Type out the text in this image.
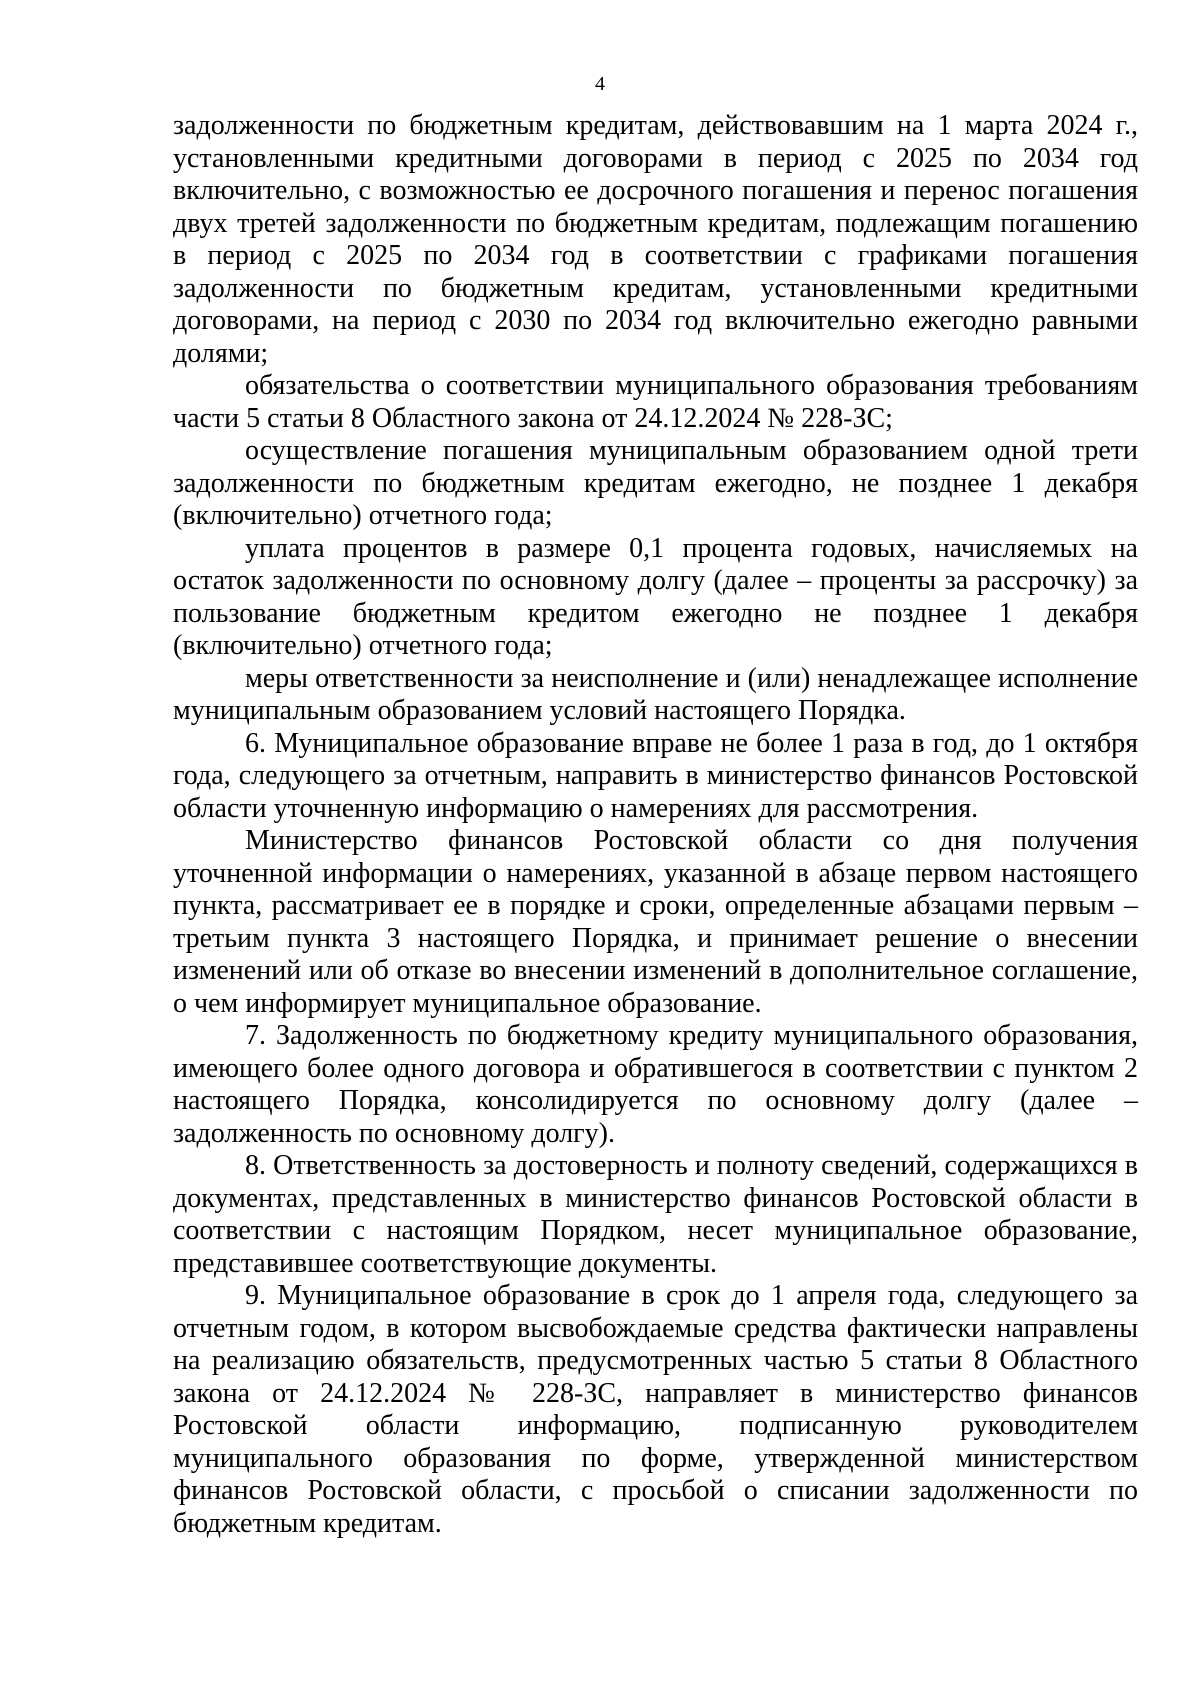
4

задолженности по бюджетным кредитам, действовавшим на 1 марта 2024 г., установленными кредитными договорами в период с 2025 по 2034 год включительно, с возможностью ее досрочного погашения и перенос погашения двух третей задолженности по бюджетным кредитам, подлежащим погашению в период с 2025 по 2034 год в соответствии с графиками погашения задолженности по бюджетным кредитам, установленными кредитными договорами, на период с 2030 по 2034 год включительно ежегодно равными долями;

обязательства о соответствии муниципального образования требованиям части 5 статьи 8 Областного закона от 24.12.2024 № 228-ЗС;

осуществление погашения муниципальным образованием одной трети задолженности по бюджетным кредитам ежегодно, не позднее 1 декабря (включительно) отчетного года;

уплата процентов в размере 0,1 процента годовых, начисляемых на остаток задолженности по основному долгу (далее – проценты за рассрочку) за пользование бюджетным кредитом ежегодно не позднее 1 декабря (включительно) отчетного года;

меры ответственности за неисполнение и (или) ненадлежащее исполнение муниципальным образованием условий настоящего Порядка.

6. Муниципальное образование вправе не более 1 раза в год, до 1 октября года, следующего за отчетным, направить в министерство финансов Ростовской области уточненную информацию о намерениях для рассмотрения.

Министерство финансов Ростовской области со дня получения уточненной информации о намерениях, указанной в абзаце первом настоящего пункта, рассматривает ее в порядке и сроки, определенные абзацами первым – третьим пункта 3 настоящего Порядка, и принимает решение о внесении изменений или об отказе во внесении изменений в дополнительное соглашение, о чем информирует муниципальное образование.

7. Задолженность по бюджетному кредиту муниципального образования, имеющего более одного договора и обратившегося в соответствии с пунктом 2 настоящего Порядка, консолидируется по основному долгу (далее – задолженность по основному долгу).

8. Ответственность за достоверность и полноту сведений, содержащихся в документах, представленных в министерство финансов Ростовской области в соответствии с настоящим Порядком, несет муниципальное образование, представившее соответствующие документы.

9. Муниципальное образование в срок до 1 апреля года, следующего за отчетным годом, в котором высвобождаемые средства фактически направлены на реализацию обязательств, предусмотренных частью 5 статьи 8 Областного закона от 24.12.2024 № 228-ЗС, направляет в министерство финансов Ростовской области информацию, подписанную руководителем муниципального образования по форме, утвержденной министерством финансов Ростовской области, с просьбой о списании задолженности по бюджетным кредитам.
